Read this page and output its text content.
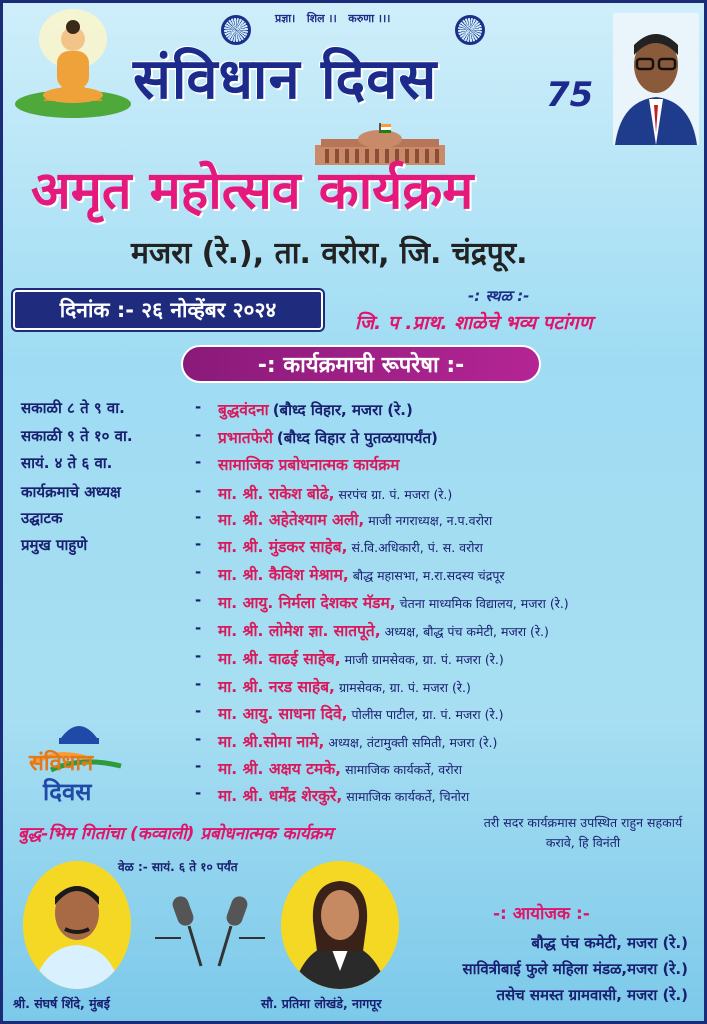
प्रज्ञा।   शिल ।।   करुणा ।।।
संविधान दिवस	75
अमृत महोत्सव कार्यक्रम
मजरा (रे.), ता. वरोरा, जि. चंद्रपूर.
दिनांक :- २६ नोव्हेंबर २०२४
-: स्थळ :-
जि. प .प्राथ. शाळेचे भव्य पटांगण
-: कार्यक्रमाची रूपरेषा :-
सकाळी ८ ते ९ वा.	- बुद्धवंदना (बौध्द विहार, मजरा (रे.)
सकाळी ९ ते १० वा.	- प्रभातफेरी (बौध्द विहार ते पुतळयापर्यंत)
सायं. ४ ते ६ वा.	- सामाजिक प्रबोधनात्मक कार्यक्रम
कार्यक्रमाचे अध्यक्ष	- मा. श्री. राकेश बोढे, सरपंच ग्रा. पं. मजरा (रे.)
उद्घाटक	- मा. श्री. अहेतेश्याम अली, माजी नगराध्यक्ष, न.प.वरोरा
प्रमुख पाहुणे	- मा. श्री. मुंडकर साहेब, सं.वि.अधिकारी, पं. स. वरोरा
- मा. श्री. कैविश मेश्राम, बौद्ध महासभा, म.रा.सदस्य चंद्रपूर
- मा. आयु. निर्मला देशकर मॅडम, चेतना माध्यमिक विद्यालय, मजरा (रे.)
- मा. श्री. लोमेश ज्ञा. सातपूते, अध्यक्ष, बौद्ध पंच कमेटी, मजरा (रे.)
- मा. श्री. वाढई साहेब, माजी ग्रामसेवक, ग्रा. पं. मजरा (रे.)
- मा. श्री. नरड साहेब, ग्रामसेवक, ग्रा. पं. मजरा (रे.)
- मा. आयु. साधना दिवे, पोलीस पाटील, ग्रा. पं. मजरा (रे.)
- मा. श्री.सोमा नामे, अध्यक्ष, तंटामुक्ती समिती, मजरा (रे.)
- मा. श्री. अक्षय टमके, सामाजिक कार्यकर्ते, वरोरा
- मा. श्री. धर्मेंद्र शेरकुरे, सामाजिक कार्यकर्ते, चिनोरा
संविधान
दिवस
बुद्ध-भिम गितांचा (कव्वाली) प्रबोधनात्मक कार्यक्रम
वेळ :- सायं. ६ ते १० पर्यंत
तरी सदर कार्यक्रमास उपस्थित राहुन सहकार्य करावे, हि विनंती
श्री. संघर्ष शिंदे, मुंबई	सौ. प्रतिमा लोखंडे, नागपूर
-: आयोजक :-
बौद्ध पंच कमेटी, मजरा (रे.)
सावित्रीबाई फुले महिला मंडळ,मजरा (रे.)
तसेच समस्त ग्रामवासी, मजरा (रे.)
